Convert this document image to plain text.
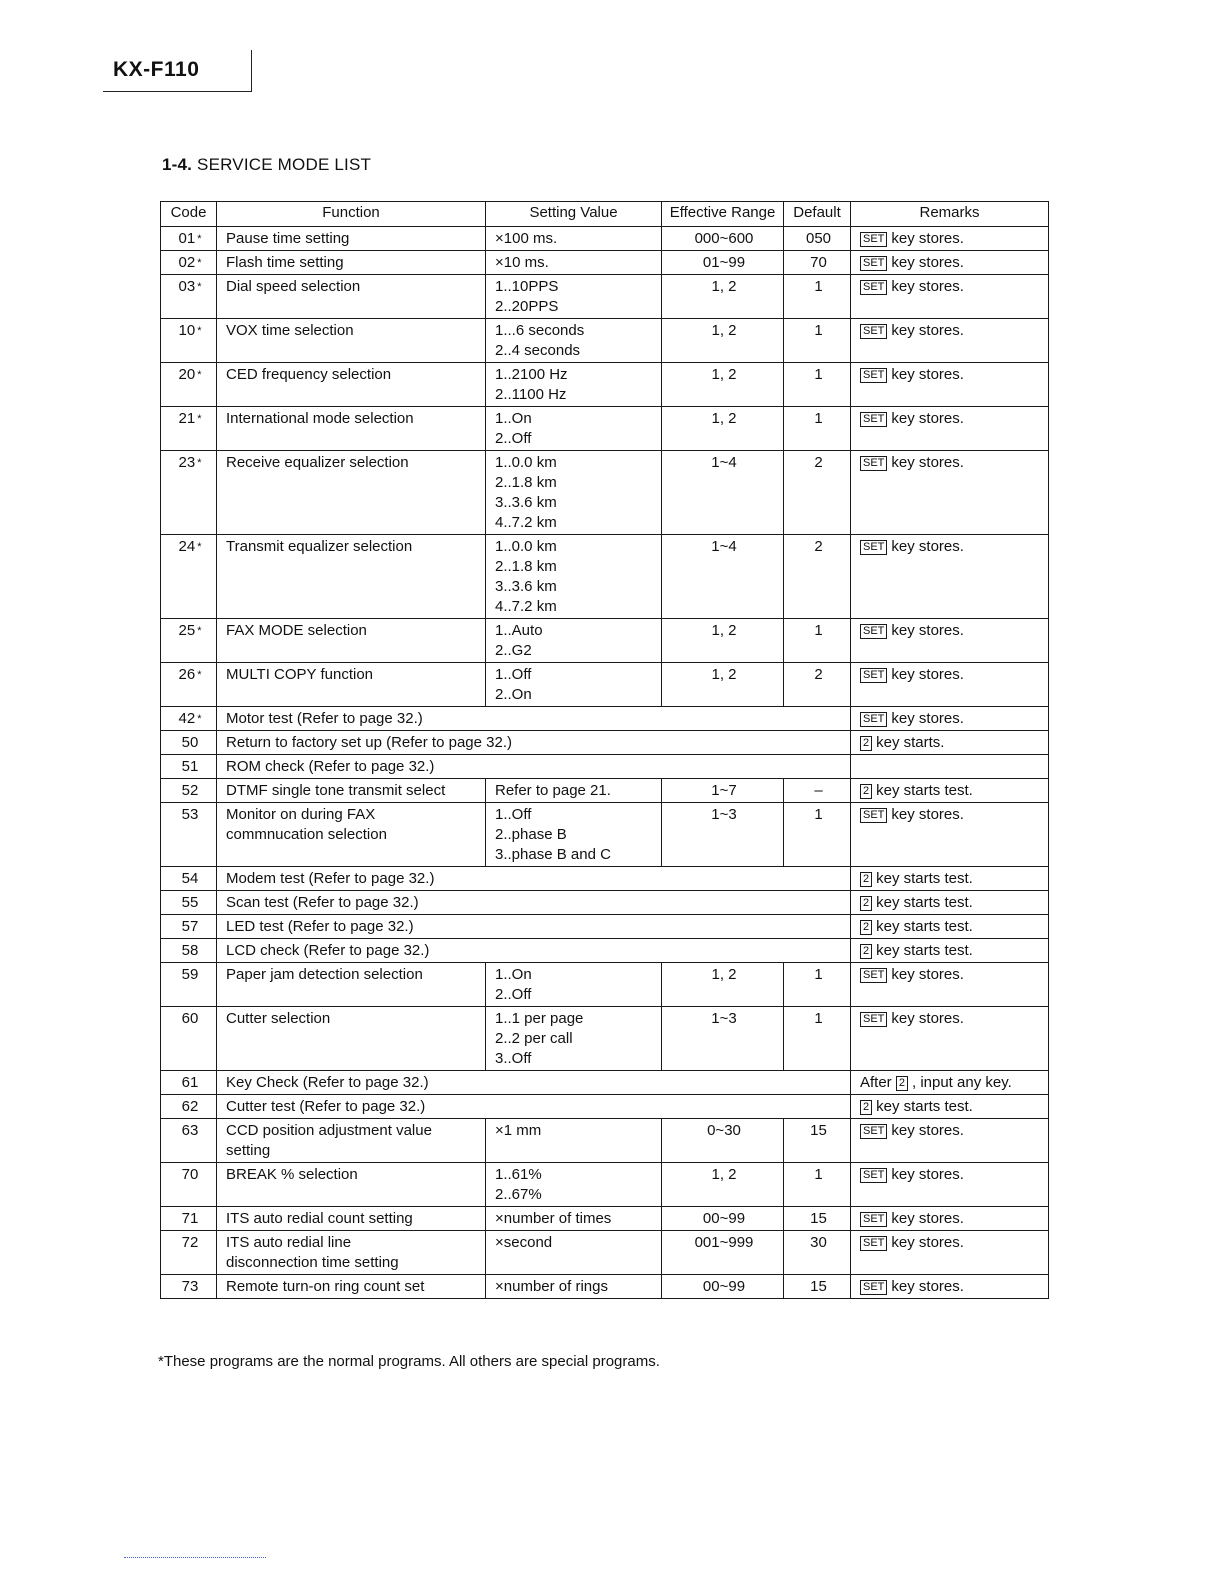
KX-F110
1-4. SERVICE MODE LIST
Code	Function	Setting Value	Effective Range	Default	Remarks
01 *	Pause time setting	×100 ms.	000~600	050	SET key stores.
02 *	Flash time setting	×10 ms.	01~99	70	SET key stores.
03 *	Dial speed selection	1..10PPS
2..20PPS	1, 2	1	SET key stores.
10 *	VOX time selection	1...6 seconds
2..4 seconds	1, 2	1	SET key stores.
20 *	CED frequency selection	1..2100 Hz
2..1100 Hz	1, 2	1	SET key stores.
21 *	International mode selection	1..On
2..Off	1, 2	1	SET key stores.
23 *	Receive equalizer selection	1..0.0 km
2..1.8 km
3..3.6 km
4..7.2 km	1~4	2	SET key stores.
24 *	Transmit equalizer selection	1..0.0 km
2..1.8 km
3..3.6 km
4..7.2 km	1~4	2	SET key stores.
25 *	FAX MODE selection	1..Auto
2..G2	1, 2	1	SET key stores.
26 *	MULTI COPY function	1..Off
2..On	1, 2	2	SET key stores.
42 *	Motor test (Refer to page 32.)				SET key stores.
50	Return to factory set up (Refer to page 32.)				2 key starts.
51	ROM check (Refer to page 32.)				

52	DTMF single tone transmit select	Refer to page 21.	1~7	–	2 key starts test.
53	Monitor on during FAX
commnucation selection	1..Off
2..phase B
3..phase B and C	1~3	1	SET key stores.
54	Modem test (Refer to page 32.)				2 key starts test.
55	Scan test (Refer to page 32.)				2 key starts test.
57	LED test (Refer to page 32.)				2 key starts test.
58	LCD check (Refer to page 32.)				2 key starts test.
59	Paper jam detection selection	1..On
2..Off	1, 2	1	SET key stores.
60	Cutter selection	1..1 per page
2..2 per call
3..Off	1~3	1	SET key stores.
61	Key Check (Refer to page 32.)				After 2 , input any key.
62	Cutter test (Refer to page 32.)				2 key starts test.
63	CCD position adjustment value
setting	×1 mm	0~30	15	SET key stores.
70	BREAK % selection	1..61%
2..67%	1, 2	1	SET key stores.
71	ITS auto redial count setting	×number of times	00~99	15	SET key stores.
72	ITS auto redial line
disconnection time setting	×second	001~999	30	SET key stores.
73	Remote turn-on ring count set	×number of rings	00~99	15	SET key stores.
*These programs are the normal programs. All others are special programs.
